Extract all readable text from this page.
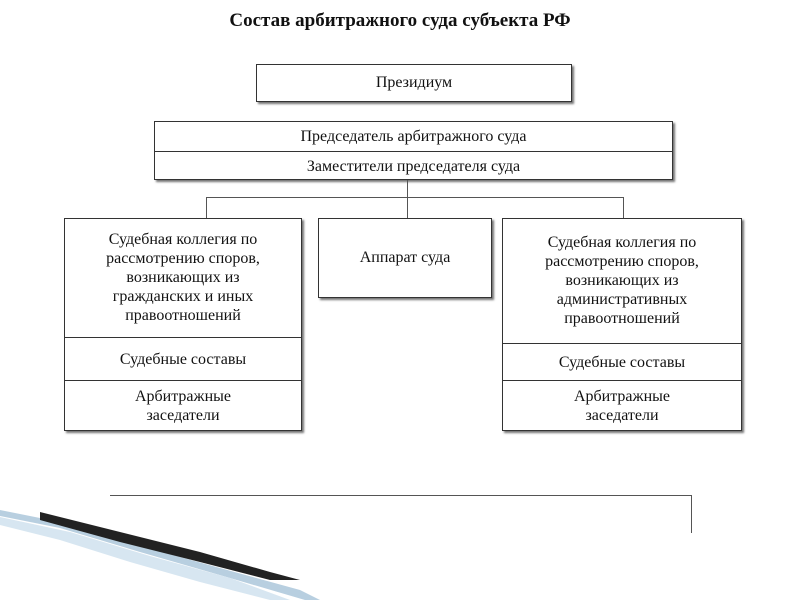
Состав арбитражного суда субъекта РФ
Президиум
Председатель арбитражного суда
Заместители председателя суда
Судебная коллегия по
рассмотрению споров,
возникающих из
гражданских и иных
правоотношений
Судебные составы
Арбитражные
заседатели
Аппарат суда
Судебная коллегия по
рассмотрению споров,
возникающих из
административных
правоотношений
Судебные составы
Арбитражные
заседатели
